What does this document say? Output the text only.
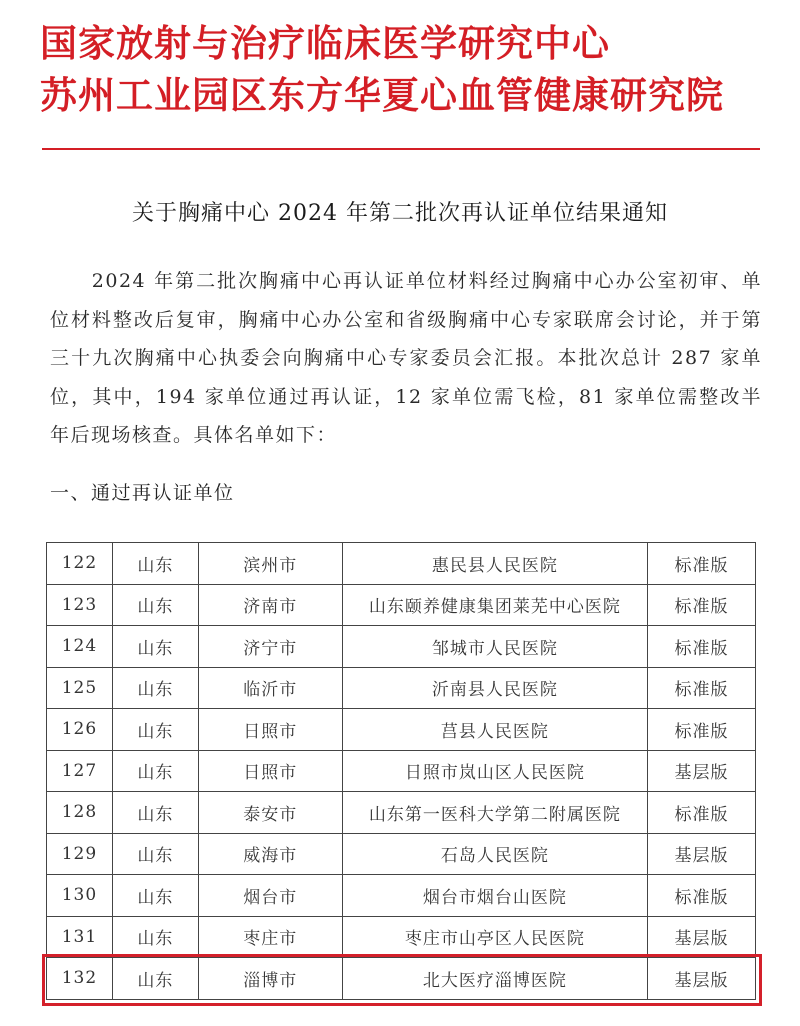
国家放射与治疗临床医学研究中心
苏州工业园区东方华夏心血管健康研究院
关于胸痛中心 2024 年第二批次再认证单位结果通知

2024 年第二批次胸痛中心再认证单位材料经过胸痛中心办公室初审、单位材料整改后复审，胸痛中心办公室和省级胸痛中心专家联席会讨论，并于第三十九次胸痛中心执委会向胸痛中心专家委员会汇报。本批次总计 287 家单位，其中，194 家单位通过再认证，12 家单位需飞检，81 家单位需整改半年后现场核查。具体名单如下：

一、通过再认证单位
122	山东	滨州市	惠民县人民医院	标准版
123	山东	济南市	山东颐养健康集团莱芜中心医院	标准版
124	山东	济宁市	邹城市人民医院	标准版
125	山东	临沂市	沂南县人民医院	标准版
126	山东	日照市	莒县人民医院	标准版
127	山东	日照市	日照市岚山区人民医院	基层版
128	山东	泰安市	山东第一医科大学第二附属医院	标准版
129	山东	威海市	石岛人民医院	基层版
130	山东	烟台市	烟台市烟台山医院	标准版
131	山东	枣庄市	枣庄市山亭区人民医院	基层版
132	山东	淄博市	北大医疗淄博医院	基层版
